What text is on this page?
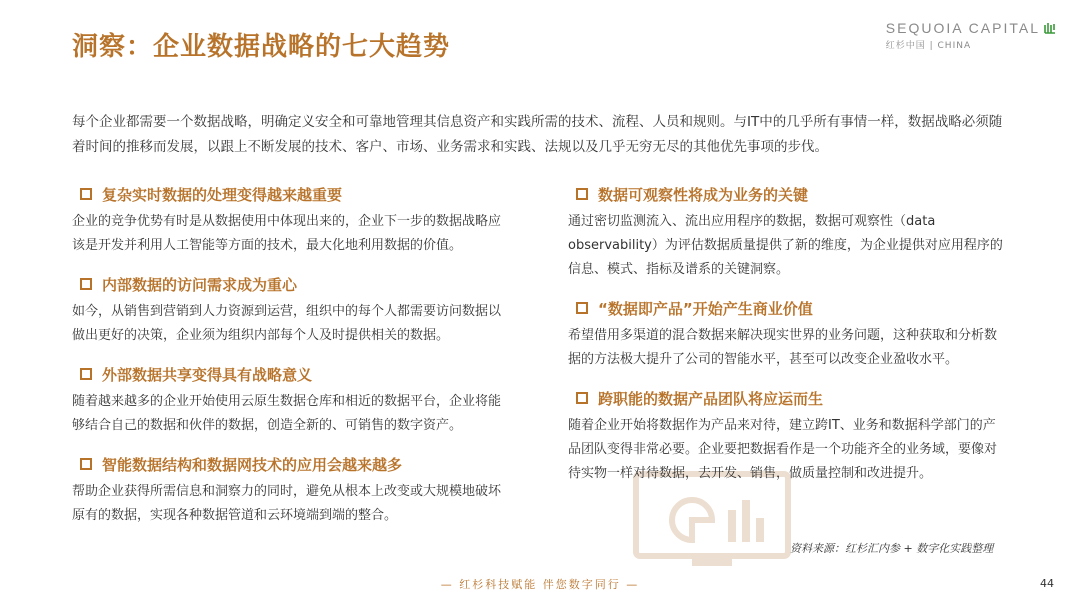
洞察：企业数据战略的七大趋势
SEQUOIA CAPITAL
红杉中国 | CHINA
每个企业都需要一个数据战略，明确定义安全和可靠地管理其信息资产和实践所需的技术、流程、人员和规则。与IT中的几乎所有事情一样，数据战略必须随着时间的推移而发展，以跟上不断发展的技术、客户、市场、业务需求和实践、法规以及几乎无穷无尽的其他优先事项的步伐。
复杂实时数据的处理变得越来越重要
企业的竞争优势有时是从数据使用中体现出来的，企业下一步的数据战略应该是开发并利用人工智能等方面的技术，最大化地利用数据的价值。
内部数据的访问需求成为重心
如今，从销售到营销到人力资源到运营，组织中的每个人都需要访问数据以做出更好的决策，企业须为组织内部每个人及时提供相关的数据。
外部数据共享变得具有战略意义
随着越来越多的企业开始使用云原生数据仓库和相近的数据平台，企业将能够结合自己的数据和伙伴的数据，创造全新的、可销售的数字资产。
智能数据结构和数据网技术的应用会越来越多
帮助企业获得所需信息和洞察力的同时，避免从根本上改变或大规模地破坏原有的数据，实现各种数据管道和云环境端到端的整合。
数据可观察性将成为业务的关键
通过密切监测流入、流出应用程序的数据，数据可观察性（data observability）为评估数据质量提供了新的维度，为企业提供对应用程序的信息、模式、指标及谱系的关键洞察。
“数据即产品”开始产生商业价值
希望借用多渠道的混合数据来解决现实世界的业务问题，这种获取和分析数据的方法极大提升了公司的智能水平，甚至可以改变企业盈收水平。
跨职能的数据产品团队将应运而生
随着企业开始将数据作为产品来对待，建立跨IT、业务和数据科学部门的产品团队变得非常必要。企业要把数据看作是一个功能齐全的业务域，要像对待实物一样对待数据，去开发、销售，做质量控制和改进提升。
资料来源：红杉汇内参 + 数字化实践整理
— 红杉科技赋能 伴您数字同行 —	44
